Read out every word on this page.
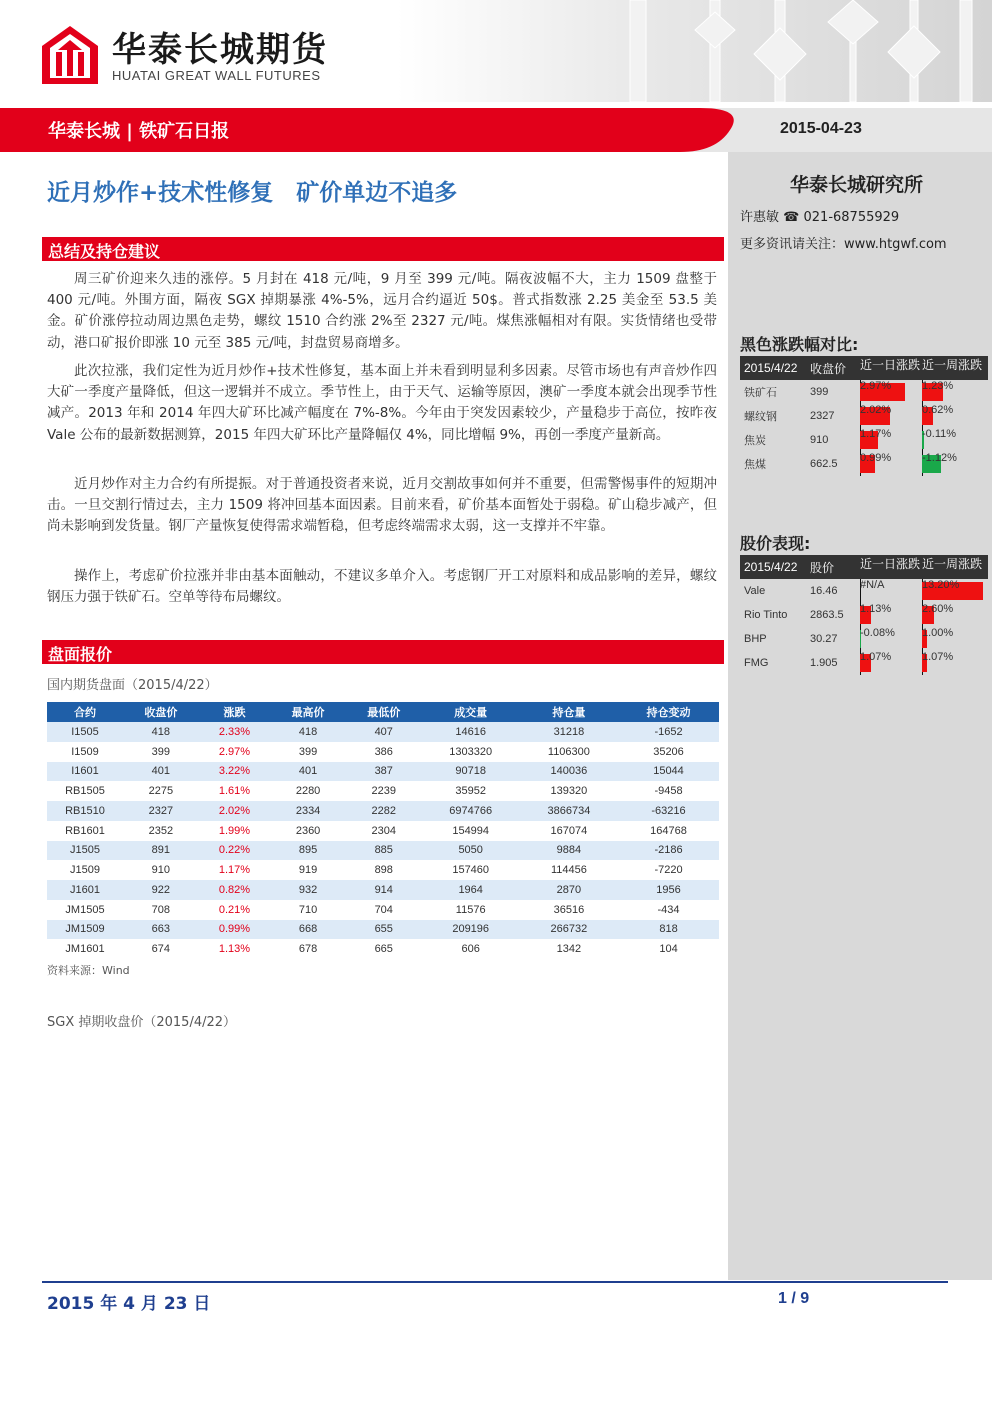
华泰长城期货
HUATAI GREAT WALL FUTURES
华泰长城 | 铁矿石日报	2015-04-23
华泰长城研究所
许惠敏 ☎ 021-68755929
更多资讯请关注：www.htgwf.com
黑色涨跌幅对比:
2015/4/22	收盘价	近一日涨跌 近一周涨跌
铁矿石	399	2.97%	1.23%
螺纹钢	2327	2.02%	0.62%
焦炭	910	1.17%	-0.11%
焦煤	662.5	0.99%	-1.12%
股价表现:
2015/4/22	股价	近一日涨跌 近一周涨跌
Vale	16.46	#N/A	13.20%
Rio Tinto	2863.5	1.13%	2.60%
BHP	30.27	-0.08%	1.00%
FMG	1.905	1.07%	1.07%
近月炒作+技术性修复　矿价单边不追多
总结及持仓建议

周三矿价迎来久违的涨停。5 月封在 418 元/吨，9 月至 399 元/吨。隔夜波幅不大，主力 1509 盘整于 400 元/吨。外围方面，隔夜 SGX 掉期暴涨 4%-5%，远月合约逼近 50$。普式指数涨 2.25 美金至 53.5 美金。矿价涨停拉动周边黑色走势，螺纹 1510 合约涨 2%至 2327 元/吨。煤焦涨幅相对有限。实货情绪也受带动，港口矿报价即涨 10 元至 385 元/吨，封盘贸易商增多。

此次拉涨，我们定性为近月炒作+技术性修复，基本面上并未看到明显利多因素。尽管市场也有声音炒作四大矿一季度产量降低，但这一逻辑并不成立。季节性上，由于天气、运输等原因，澳矿一季度本就会出现季节性减产。2013 年和 2014 年四大矿环比减产幅度在 7%-8%。今年由于突发因素较少，产量稳步于高位，按昨夜 Vale 公布的最新数据测算，2015 年四大矿环比产量降幅仅 4%，同比增幅 9%，再创一季度产量新高。

近月炒作对主力合约有所提振。对于普通投资者来说，近月交割故事如何并不重要，但需警惕事件的短期冲击。一旦交割行情过去，主力 1509 将冲回基本面因素。目前来看，矿价基本面暂处于弱稳。矿山稳步减产，但尚未影响到发货量。钢厂产量恢复使得需求端暂稳，但考虑终端需求太弱，这一支撑并不牢靠。

操作上，考虑矿价拉涨并非由基本面触动，不建议多单介入。考虑钢厂开工对原料和成品影响的差异，螺纹钢压力强于铁矿石。空单等待布局螺纹。

盘面报价
国内期货盘面（2015/4/22）
合约	收盘价	涨跌	最高价	最低价	成交量	持仓量	持仓变动
I1505	418	2.33%	418	407	14616	31218	-1652
I1509	399	2.97%	399	386	1303320	1106300	35206
I1601	401	3.22%	401	387	90718	140036	15044
RB1505	2275	1.61%	2280	2239	35952	139320	-9458
RB1510	2327	2.02%	2334	2282	6974766	3866734	-63216
RB1601	2352	1.99%	2360	2304	154994	167074	164768
J1505	891	0.22%	895	885	5050	9884	-2186
J1509	910	1.17%	919	898	157460	114456	-7220
J1601	922	0.82%	932	914	1964	2870	1956
JM1505	708	0.21%	710	704	11576	36516	-434
JM1509	663	0.99%	668	655	209196	266732	818
JM1601	674	1.13%	678	665	606	1342	104
资料来源：Wind
SGX 掉期收盘价（2015/4/22）
2015 年 4 月 23 日	1 / 9
